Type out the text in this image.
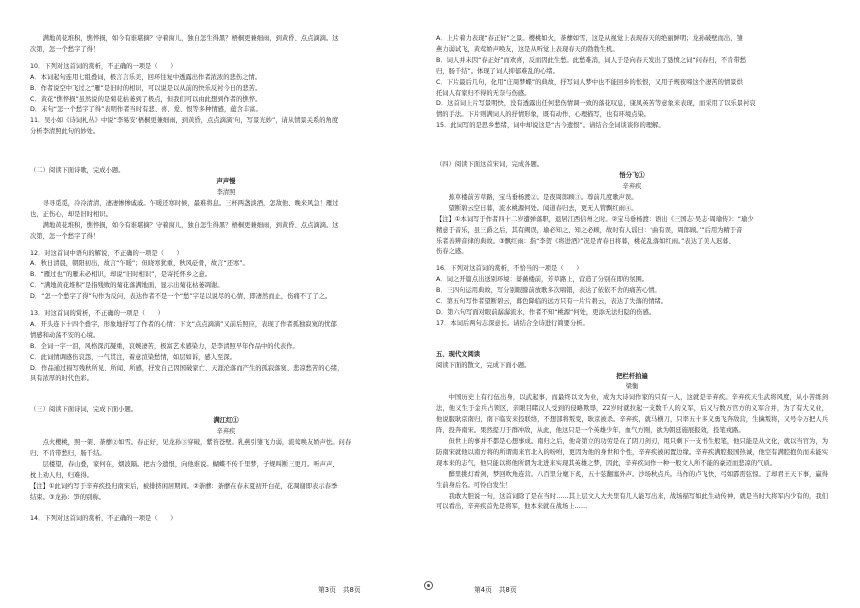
满地黄花堆积，憔悴损，如今有谁堪摘？守着窗儿，独自怎生得黑？梧桐更兼细雨，到黄昏、点点滴滴。这

次第，怎一个愁字了得！

10．下列对这首词的赏析，不正确的一项是（　　）

A．本词起句连用七组叠词，极言言乐美，回环往复中透露出作者浓浓的悲伤之情。

B．作者说空中飞过之“雁”是旧时的相识，可以说是以从前的快乐反衬今日的悲苦。

C．黄花“憔悴损”虽然说的是菊花枯萎到了极点，但我们可以由此想到作者的憔悴。

D．末句“怎一个愁字了得”表明作者当时有悲、喜、爱、恨等多种情感，蕴含丰富。

11．吴小如《诗词札丛》中说“李易安‘梧桐更兼细雨，到黄昏，点点滴滴’句，写景光妙”，请从情景关系的角度

分析李清照此句的妙处。

（二）阅读下面诗歌，完成小题。

声声慢

李清照

寻寻觅觅，冷冷清清，凄凄惨惨戚戚。乍暖还寒时候，最难将息。三杯两盏淡酒，怎敌他、晚来风急！雁过

也，正伤心，却是旧时相识。

满地黄花堆积，憔悴损，如今有谁堪摘？守着窗儿，独自怎生得黑？梧桐更兼细雨，到黄昏、点点滴滴。这

次第，怎一个愁字了得！

12．对这首词中语句的解说，不正确的一项是（　　）

A．秋日清晨，朝阳初出，故言“乍暖”；但晓寒犹重，秋风砭骨，故言“还寒”。

B．“雁过也”的雁未必相识，却说“旧时相识”，是寄托怀乡之意。

C．“满地黄花堆积”是指残败的菊花落满地面，显示出菊花枯萎凋谢。

D．“怎一个愁字了得”句作为反问，表达作者不是一个“愁”字足以说尽的心情，即凄然而止，伤痛不了了之。

13．对这首词的赏析，不正确的一项是（　　）

A．开头连下十四个叠字，形象地抒写了作者的心情：下文“点点滴滴”又前后照应，表现了作者孤独寂寞的忧郁

情感和动荡不安的心境。

B．全词一字一泪，风格深沉凝重，哀婉凄苦，极富艺术感染力，是李清照早年作品中的代表作。

C．此词情调感伤哀怨，一气贯注，着意渲染愁情，如层如诉，感人至深。

D．作品通过描写残秋所见、所闻、所感，抒发自己因国破家亡、天涯沦落而产生的孤寂落寞、悲凉愁苦的心绪，

具有浓厚的时代色彩。

（三）阅读下面诗词，完成下面小题。

满江红①

辛弃疾

点火樱桃，照一架、荼蘼②如雪。春正好，见龙孙③穿破，紫苔苍壁。乳燕引雏飞力弱，流莺唤友娇声怯。问春

归、不肯带愁归，肠千结。

层楼望，春山叠，家何在，烟波隔。把古今遗恨，向他谁说。蝴蝶不传千里梦，子规叫断三更月。听声声、

枕上劝人归，归难得。

【注】①此词约写于辛弃疾投归南宋后，被排挤闲居期间。②荼蘼：荼蘼在春末夏初开白花，花凋谢即表示春季

结束。③龙孙：笋的别称。

14．下列对这首词的赏析，不正确的一项是（　　）

A．上片着力表现“春正好”之景。樱桃如火，荼蘼如雪，这是从视觉上表现春天的绝丽鲜明；龙孙破壁而出，雏

燕力弱试飞，黄莺娇声唤友，这是从听觉上表现春天的勃勃生机。

B．词人并未因“春正好”而欢喜，反而因此生愁。此愁难消，词人于是向春天发出了恳愤之词“问春归，不肯带愁

归，肠千结”。体现了词人抑郁难乱的心绪。

C．下片最后几句，化用“庄周梦蝶”的典故，抒写词人梦中也不能回乡的怅恨，又用子规夜啼这个凄苦的情景烘

托词人有家归不得的无奈与伤感。

D．这首词上片写景明快，没有透露出任何悲伤情调一致的落花叹息，康凤英苦等意象来表现，而采用了以乐景衬哀

情的手法。下片则满词人的抒情形象，既有动作，心理描写，也有环境点染。

15．此词写的是思乡愁绪，词中却说这是“古今遗恨”。请结合全词谈谈你的理解。

（四）阅读下面这首宋词，完成各题。

悟分飞①

辛弃疾

蕉草楼前芳草路，宝马垂杨渡②。是夜周郎顾③。尊前几度歌声误。

望断碧云空日暮，流水桃源何处。闻道春归去，更无人管飘红雨④。

【注】①本词写于作者四十二岁遭弹落职，退居江西信州之时。②宝马垂杨渡：语出《三国志·吴志·周瑜传》：“瑜少

精意于音乐，虽三爵之后，其有阙误，瑜必知之，知之必顾，故时有人谣曰：‘曲有误，周郎顾。’”后用为精于音

乐者善辨音律的典故。③飘红雨：指“李贺《将进酒》”况是青春日将暮，桃花乱落如红雨。”表达了美人迟暮、

伤春之感。

16．下列对这首词的赏析，不恰当的一项是（　　）

A．词之开篇点出送别环境：蔷薇楼前，芳草路上，营造了分别在即的氛围。

B．三四句运用典故，写分别眼朦前放歌多次唱错，表达了依依不舍的痛苦心情。

C．第五句写作者望断碧云，暮色降临的远方只有一片片碧云，表达了失落的情绪。

D．第六句写面对眼前潺潺流水，作者不知“桃源”何处，更添无法归隐的伤感。

17．本词后两句志深意长。请结合全诗进行简要分析。

五、现代文阅读

阅读下面的散文，完成下面小题。

把栏杆拍遍

梁衡

中国历史上有行伍出身，以武起事，而最终以文为业，成为大诗词作家的只有一人，这就是辛弃疾。辛弃疾天生武将风度，从小苦练剑法，他又生于金兵占领区，亲眼目睹汉人受到的侵略欺辱，22岁时就拉起一支数千人的义军，后又与数万官方的义军合并，为了有大义业，他说服耿京南归，南下临安来投联络，不想部将叛变，耿京被杀。辛弃疾，就马横刀，只率五十多义勇飞奔敌营，生擒叛将，又号令万把人兵阵，投奔南宋。果然提刀于群冲敌，从此，他这只是一个英雄少年，血气方刚，欲为朝廷施展报效，投笔戎路。

但世上的事并不都是心想事成。南归之后，他奇第立的功劳是在了阴刀剑刃，甩只剩下一支书生般笔，他只能是从文化，就以当官为，为防南宋就他以南方将的所谓南来官北入的吩咐，更因为他的身世和个性，辛弃疾被闲置边缘。辛弃疾满腔报国热诚，他空有满腔抱负而未能实现本来的志气，他只能以将他所谓为北进来实现其英雄之梦，因此，辛弃疾词作一种一般文人所不能的豪迈而悲凉的气质。

醉里挑灯看剑，梦回吹角连营。八百里分麾下炙，五十弦翻塞外声。沙场秋点兵。马作的卢飞快，弓如霹雳弦惊。了却君王天下事，赢得生前身后名。可怜白发生！

我敢大胆说一句，这首词除了是在当时……其上层文人大夫里有几人能写出来，战场描写如此生动传神，就是当时大将军内少有的，我们可以看出，辛弃疾首先是将军，他本来就在战场上……

第3页　共8页	第4页　共8页
